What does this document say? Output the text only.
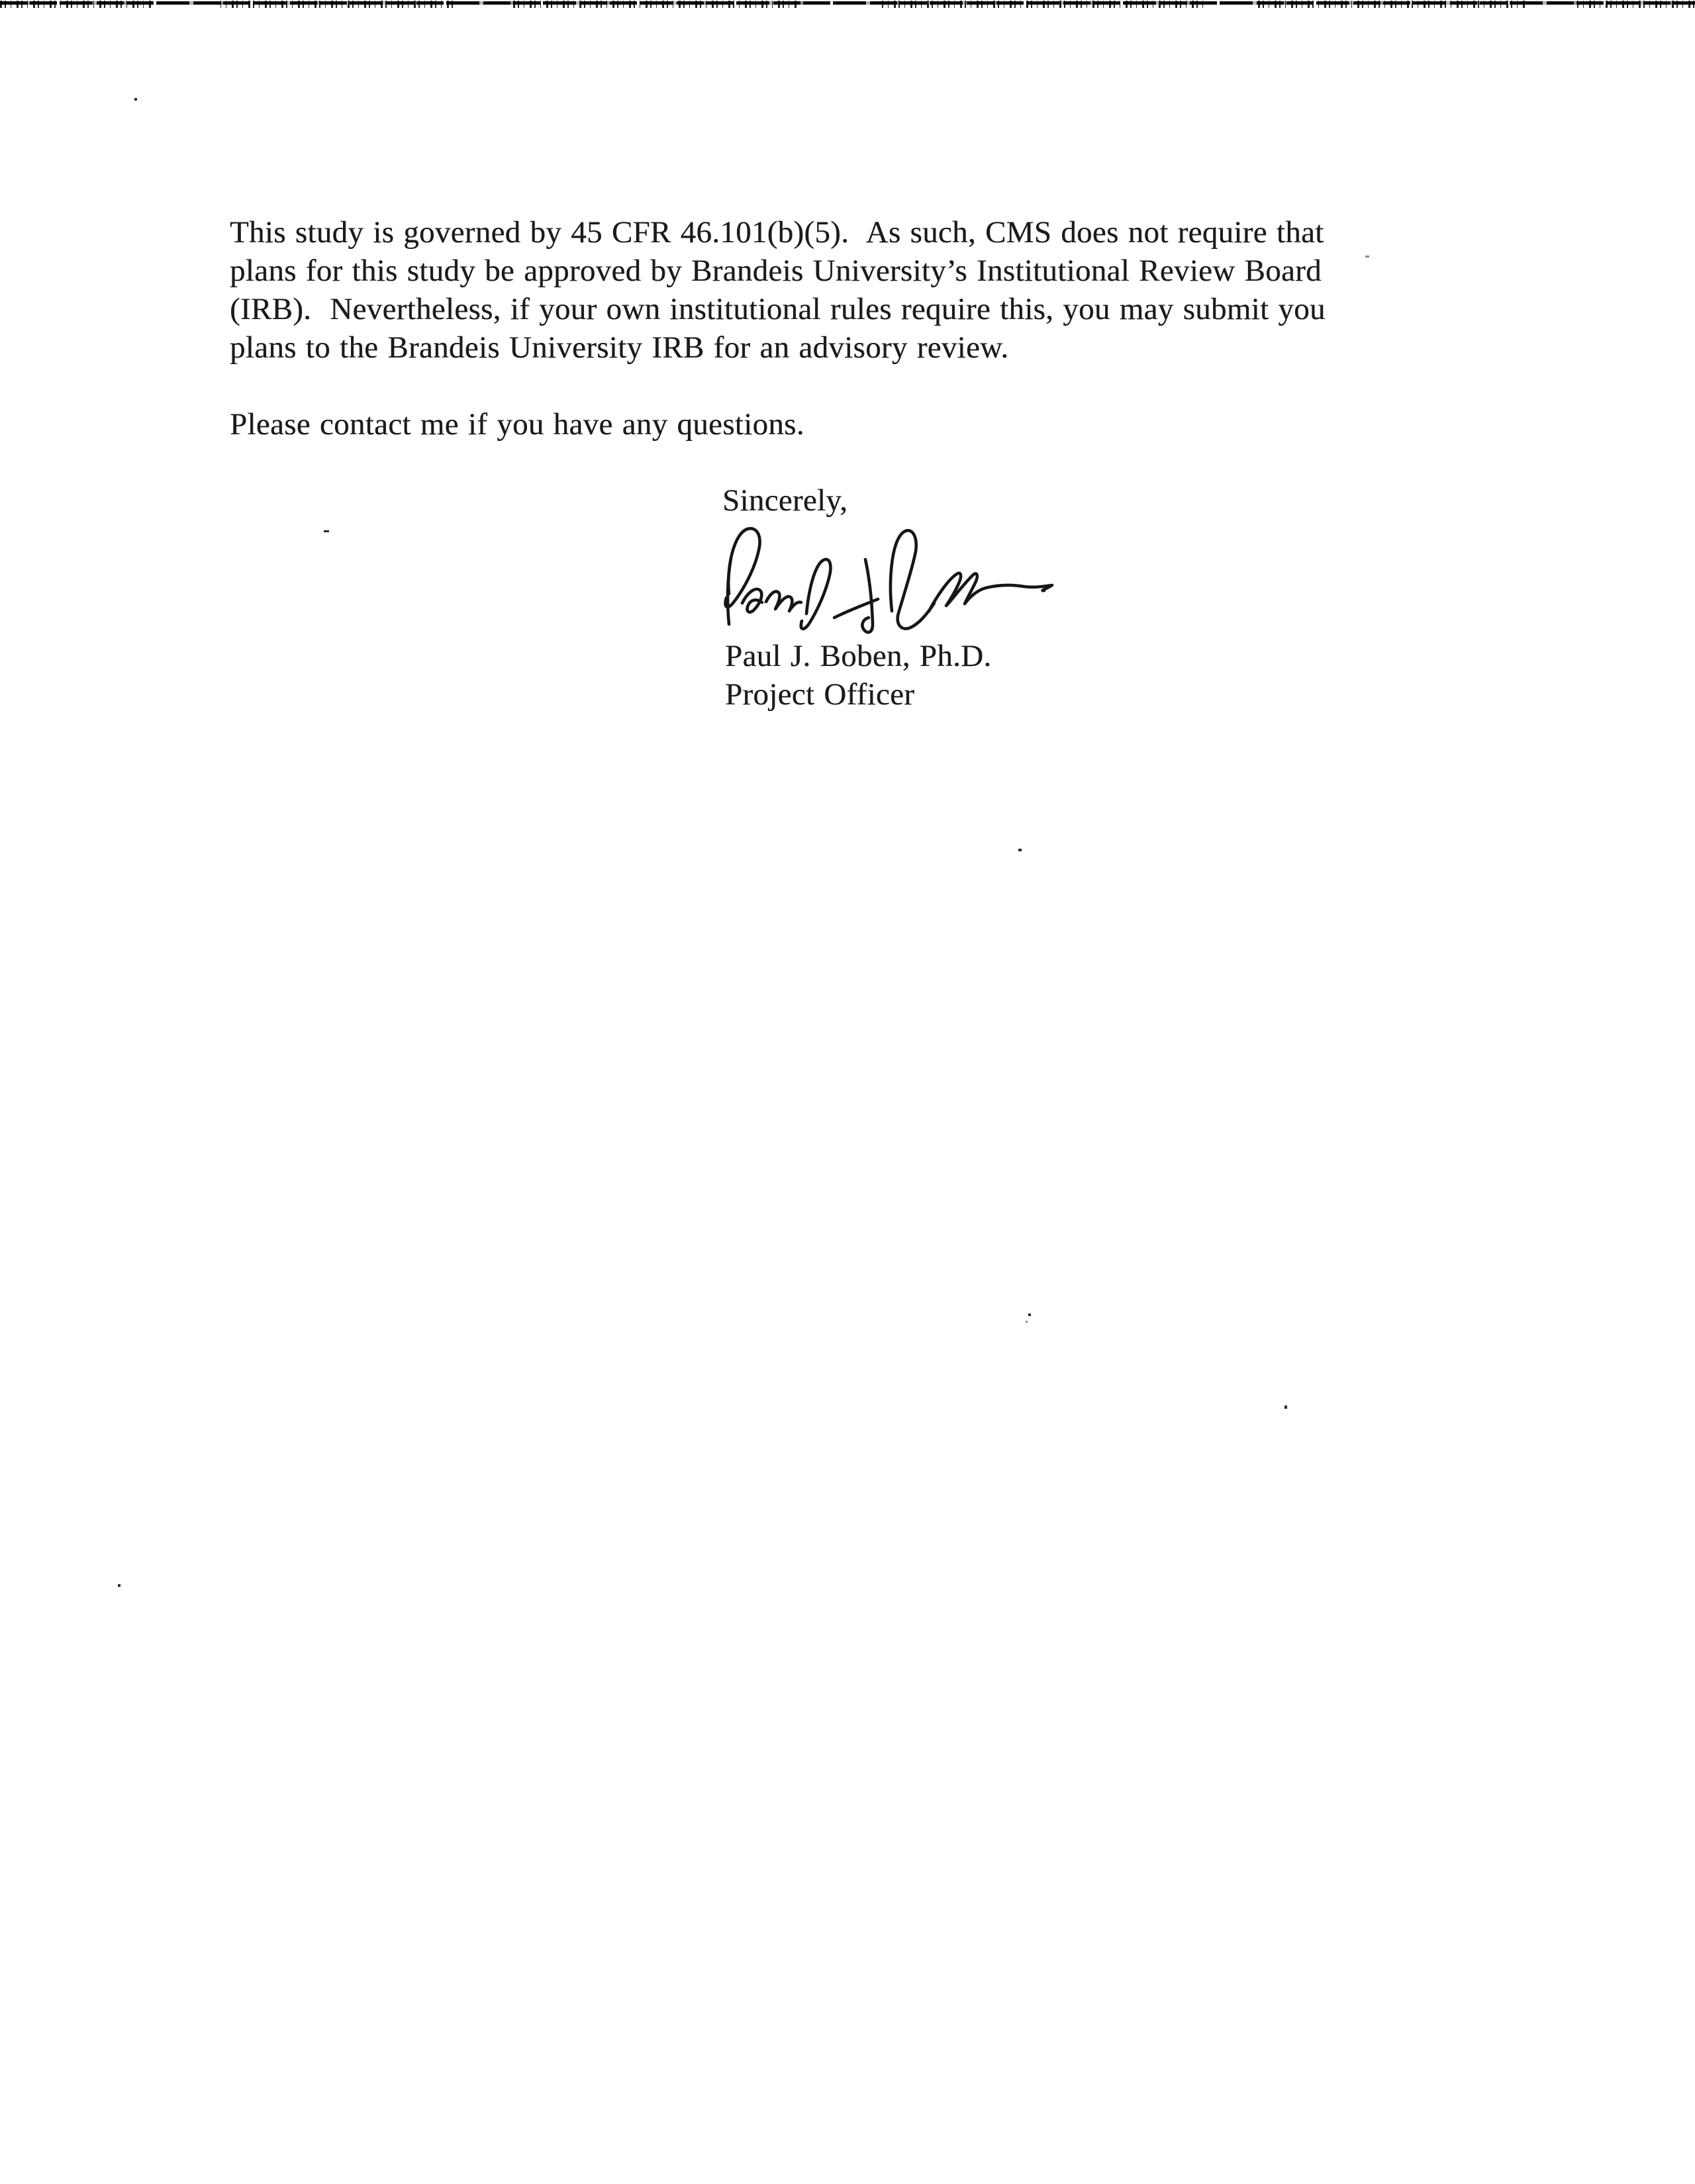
This study is governed by 45 CFR 46.101(b)(5).  As such, CMS does not require that
plans for this study be approved by Brandeis University’s Institutional Review Board
(IRB).  Nevertheless, if your own institutional rules require this, you may submit you
plans to the Brandeis University IRB for an advisory review.
Please contact me if you have any questions.
Sincerely,
Paul J. Boben, Ph.D.
Project Officer
